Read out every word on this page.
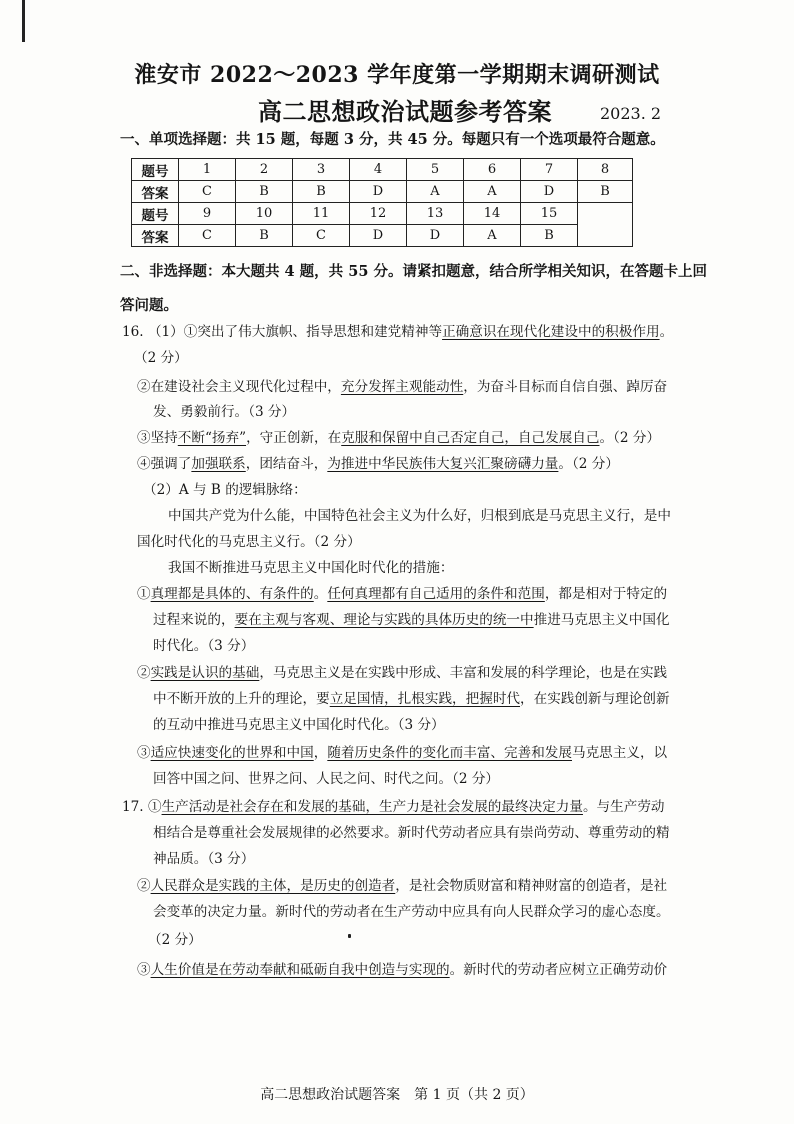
淮安市 2022～2023 学年度第一学期期末调研测试
高二思想政治试题参考答案	2023. 2
一、单项选择题：共 15 题，每题 3 分，共 45 分。每题只有一个选项最符合题意。
题号	1	2	3	4	5	6	7	8
答案	C	B	B	D	A	A	D	B
题号	9	10	11	12	13	14	15	
答案	C	B	C	D	D	A	B	
二、非选择题：本大题共 4 题，共 55 分。请紧扣题意，结合所学相关知识，在答题卡上回
答问题。
16. （1）①突出了伟大旗帜、指导思想和建党精神等正确意识在现代化建设中的积极作用。
（2 分）
②在建设社会主义现代化过程中，充分发挥主观能动性，为奋斗目标而自信自强、踔厉奋
发、勇毅前行。（3 分）
③坚持不断“扬弃”，守正创新，在克服和保留中自己否定自己，自己发展自己。（2 分）
④强调了加强联系，团结奋斗，为推进中华民族伟大复兴汇聚磅礴力量。（2 分）
（2）A 与 B 的逻辑脉络：
中国共产党为什么能，中国特色社会主义为什么好，归根到底是马克思主义行，是中
国化时代化的马克思主义行。（2 分）
我国不断推进马克思主义中国化时代化的措施：
①真理都是具体的、有条件的。任何真理都有自己适用的条件和范围，都是相对于特定的
过程来说的，要在主观与客观、理论与实践的具体历史的统一中推进马克思主义中国化
时代化。（3 分）
②实践是认识的基础，马克思主义是在实践中形成、丰富和发展的科学理论，也是在实践
中不断开放的上升的理论，要立足国情，扎根实践，把握时代，在实践创新与理论创新
的互动中推进马克思主义中国化时代化。（3 分）
③适应快速变化的世界和中国，随着历史条件的变化而丰富、完善和发展马克思主义，以
回答中国之问、世界之问、人民之问、时代之问。（2 分）
17. ①生产活动是社会存在和发展的基础，生产力是社会发展的最终决定力量。与生产劳动
相结合是尊重社会发展规律的必然要求。新时代劳动者应具有崇尚劳动、尊重劳动的精
神品质。（3 分）
②人民群众是实践的主体，是历史的创造者，是社会物质财富和精神财富的创造者，是社
会变革的决定力量。新时代的劳动者在生产劳动中应具有向人民群众学习的虚心态度。
（2 分）
③人生价值是在劳动奉献和砥砺自我中创造与实现的。新时代的劳动者应树立正确劳动价
高二思想政治试题答案　第 1 页（共 2 页）
